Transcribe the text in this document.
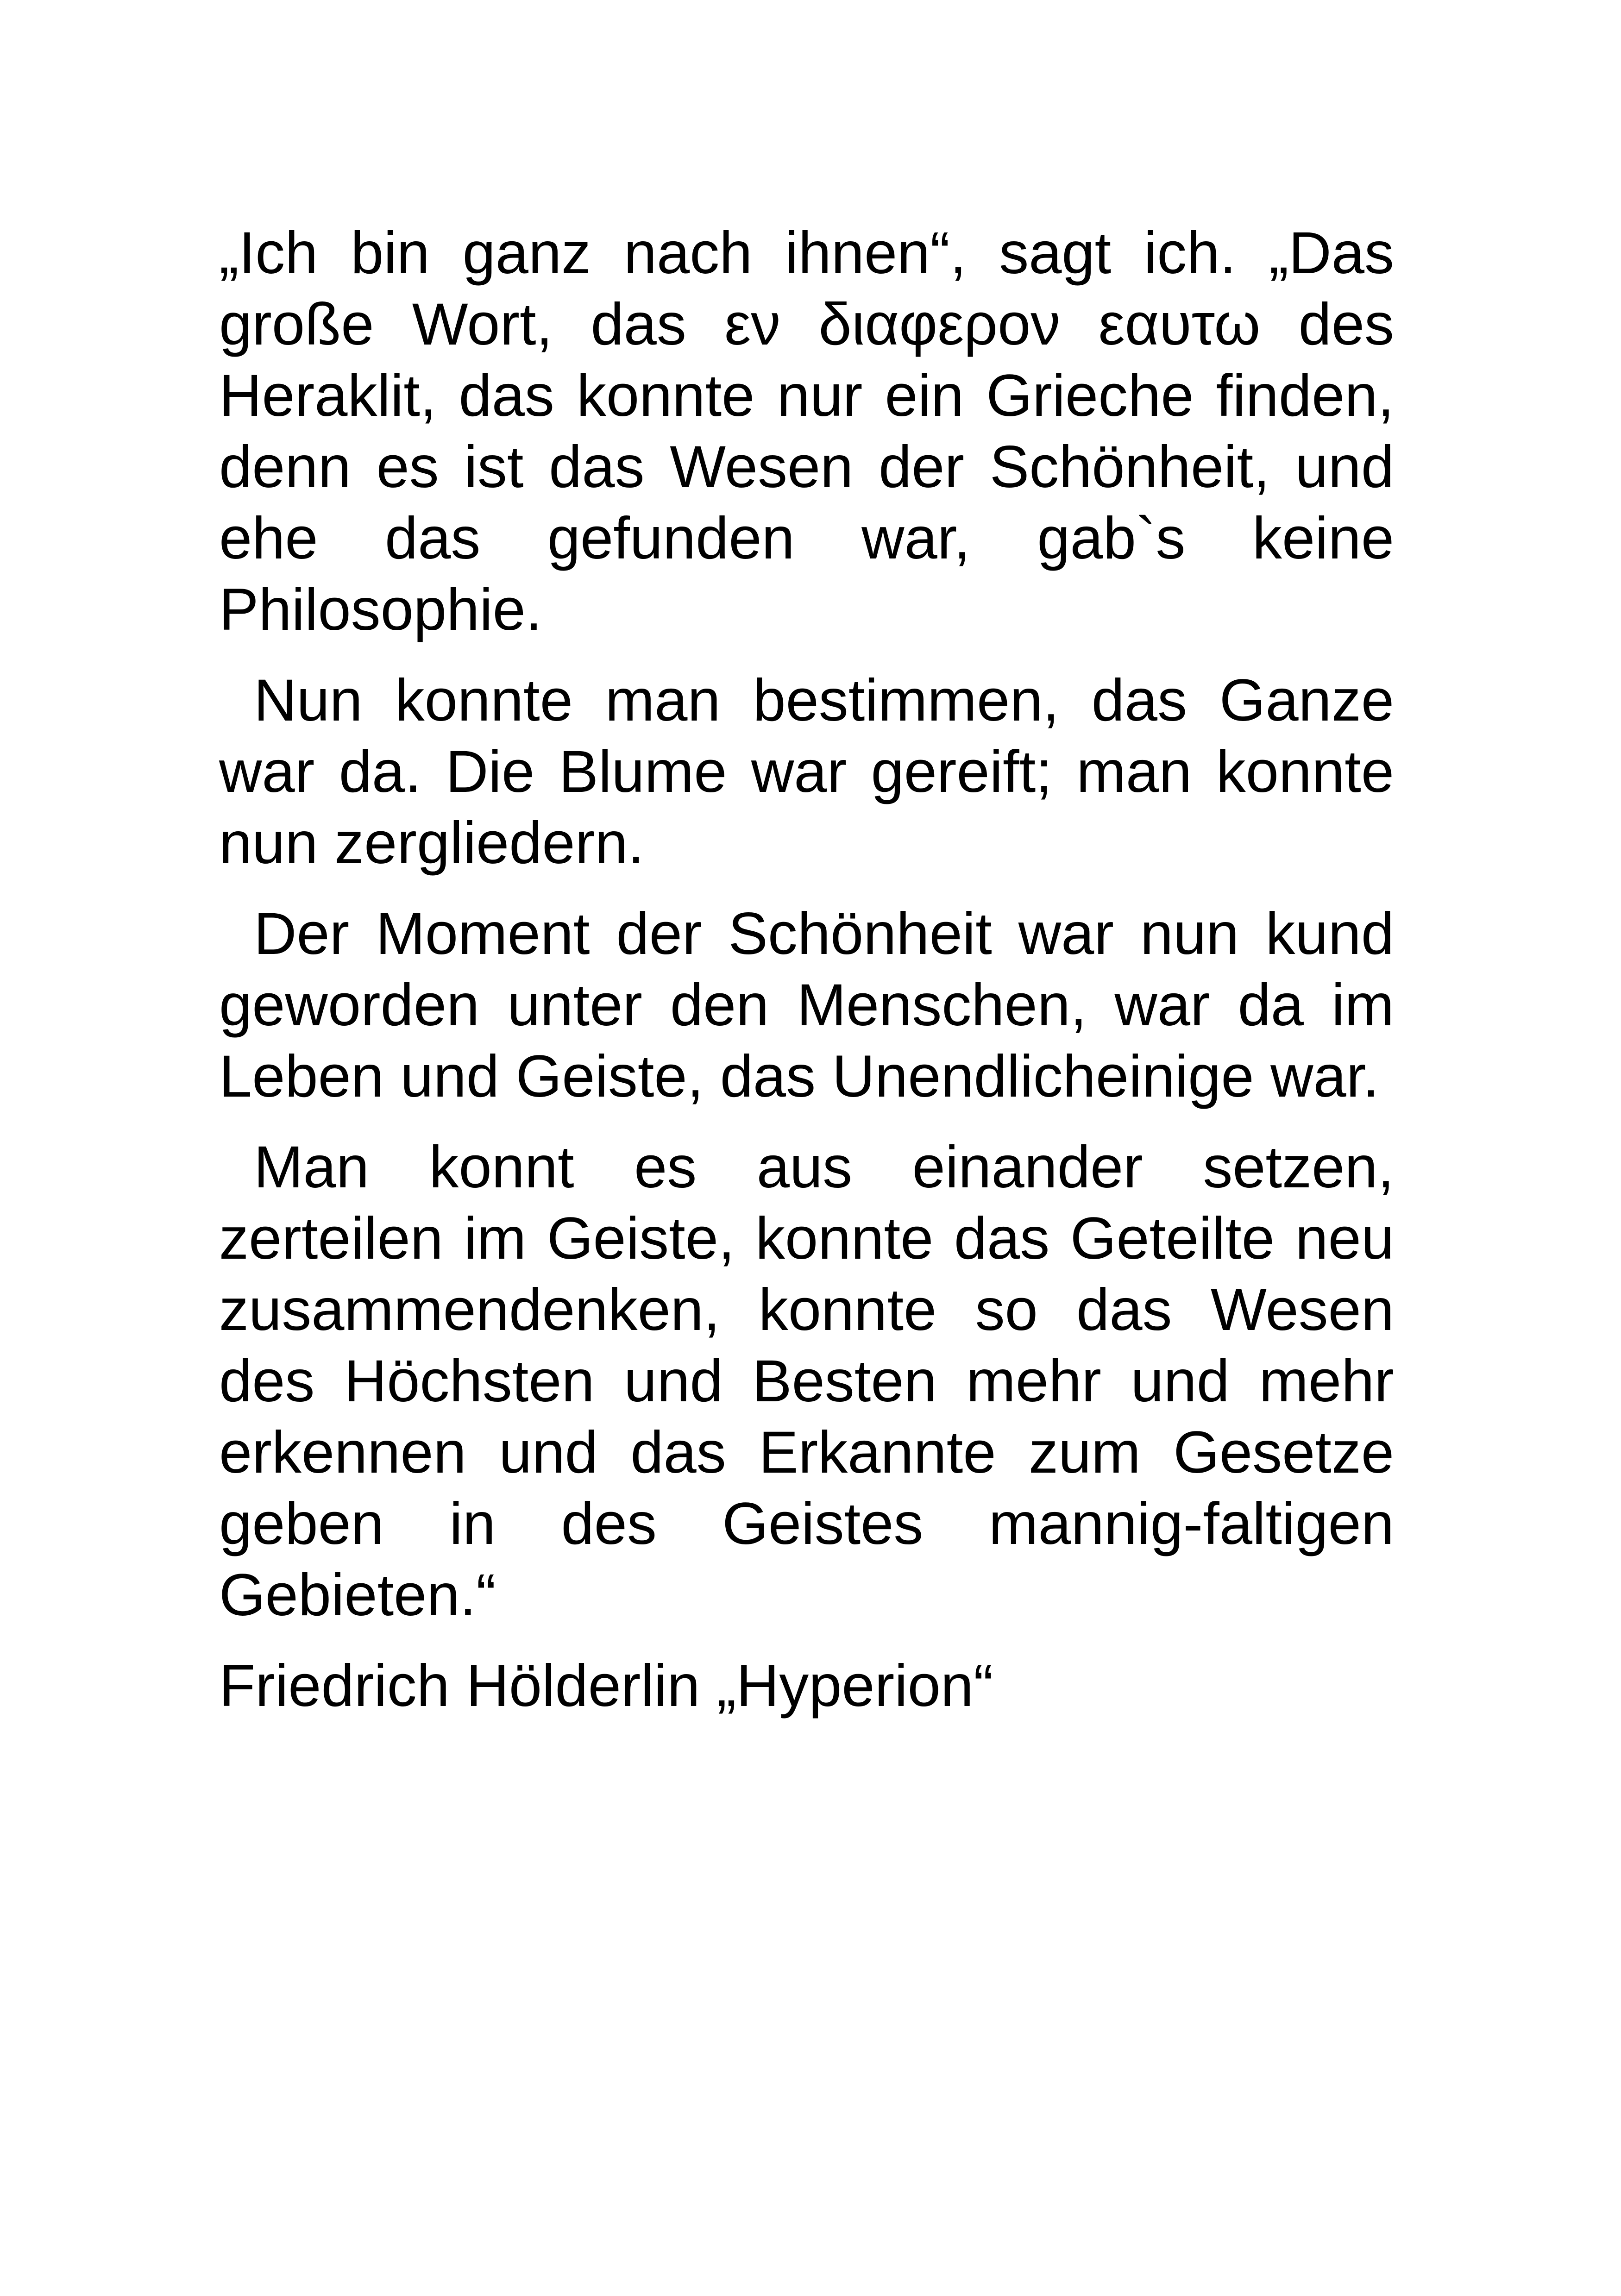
„Ich bin ganz nach ihnen“, sagt ich. „Das große Wort, das εν διαφερον εαυτω des Heraklit, das konnte nur ein Grieche finden, denn es ist das Wesen der Schönheit, und ehe das gefunden war, gab`s keine Philosophie.

Nun konnte man bestimmen, das Ganze war da. Die Blume war gereift; man konnte nun zergliedern.

Der Moment der Schönheit war nun kund geworden unter den Menschen, war da im Leben und Geiste, das Unendlicheinige war.

Man konnt es aus einander setzen, zerteilen im Geiste, konnte das Geteilte neu zusammendenken, konnte so das Wesen des Höchsten und Besten mehr und mehr erkennen und das Erkannte zum Gesetze geben in des Geistes mannig-faltigen Gebieten.“

Friedrich Hölderlin „Hyperion“
